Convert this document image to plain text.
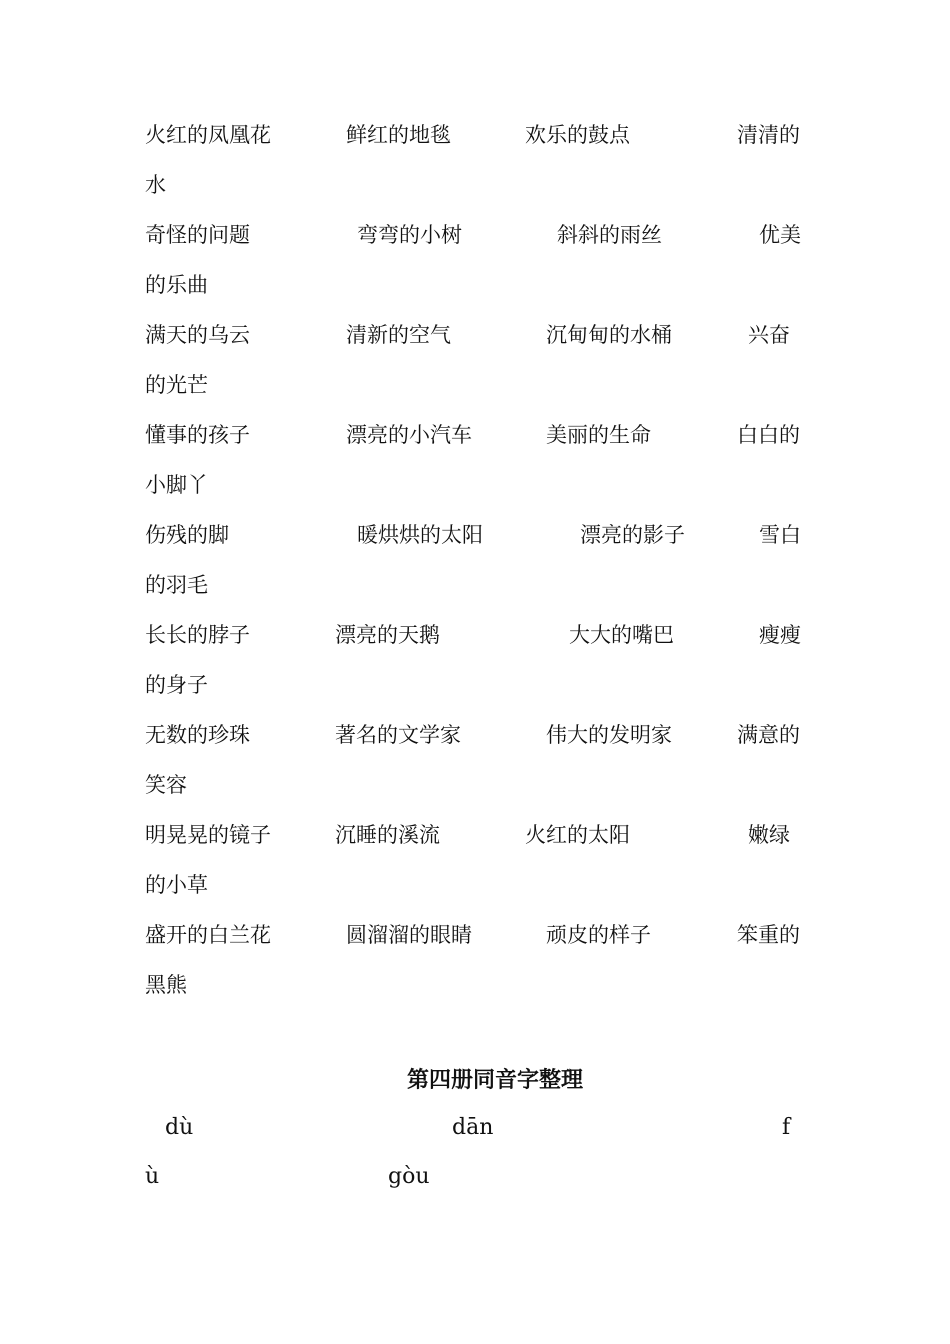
火红的凤凰花	鲜红的地毯	欢乐的鼓点	清清的
水
奇怪的问题	弯弯的小树	斜斜的雨丝	优美
的乐曲
满天的乌云	清新的空气	沉甸甸的水桶	兴奋
的光芒
懂事的孩子	漂亮的小汽车	美丽的生命	白白的
小脚丫
伤残的脚	暖烘烘的太阳	漂亮的影子	雪白
的羽毛
长长的脖子	漂亮的天鹅	大大的嘴巴	瘦瘦
的身子
无数的珍珠	著名的文学家	伟大的发明家	满意的
笑容
明晃晃的镜子	沉睡的溪流	火红的太阳	嫩绿
的小草
盛开的白兰花	圆溜溜的眼睛	顽皮的样子	笨重的
黑熊
第四册同音字整理
dù	dān	f
ù	gòu
